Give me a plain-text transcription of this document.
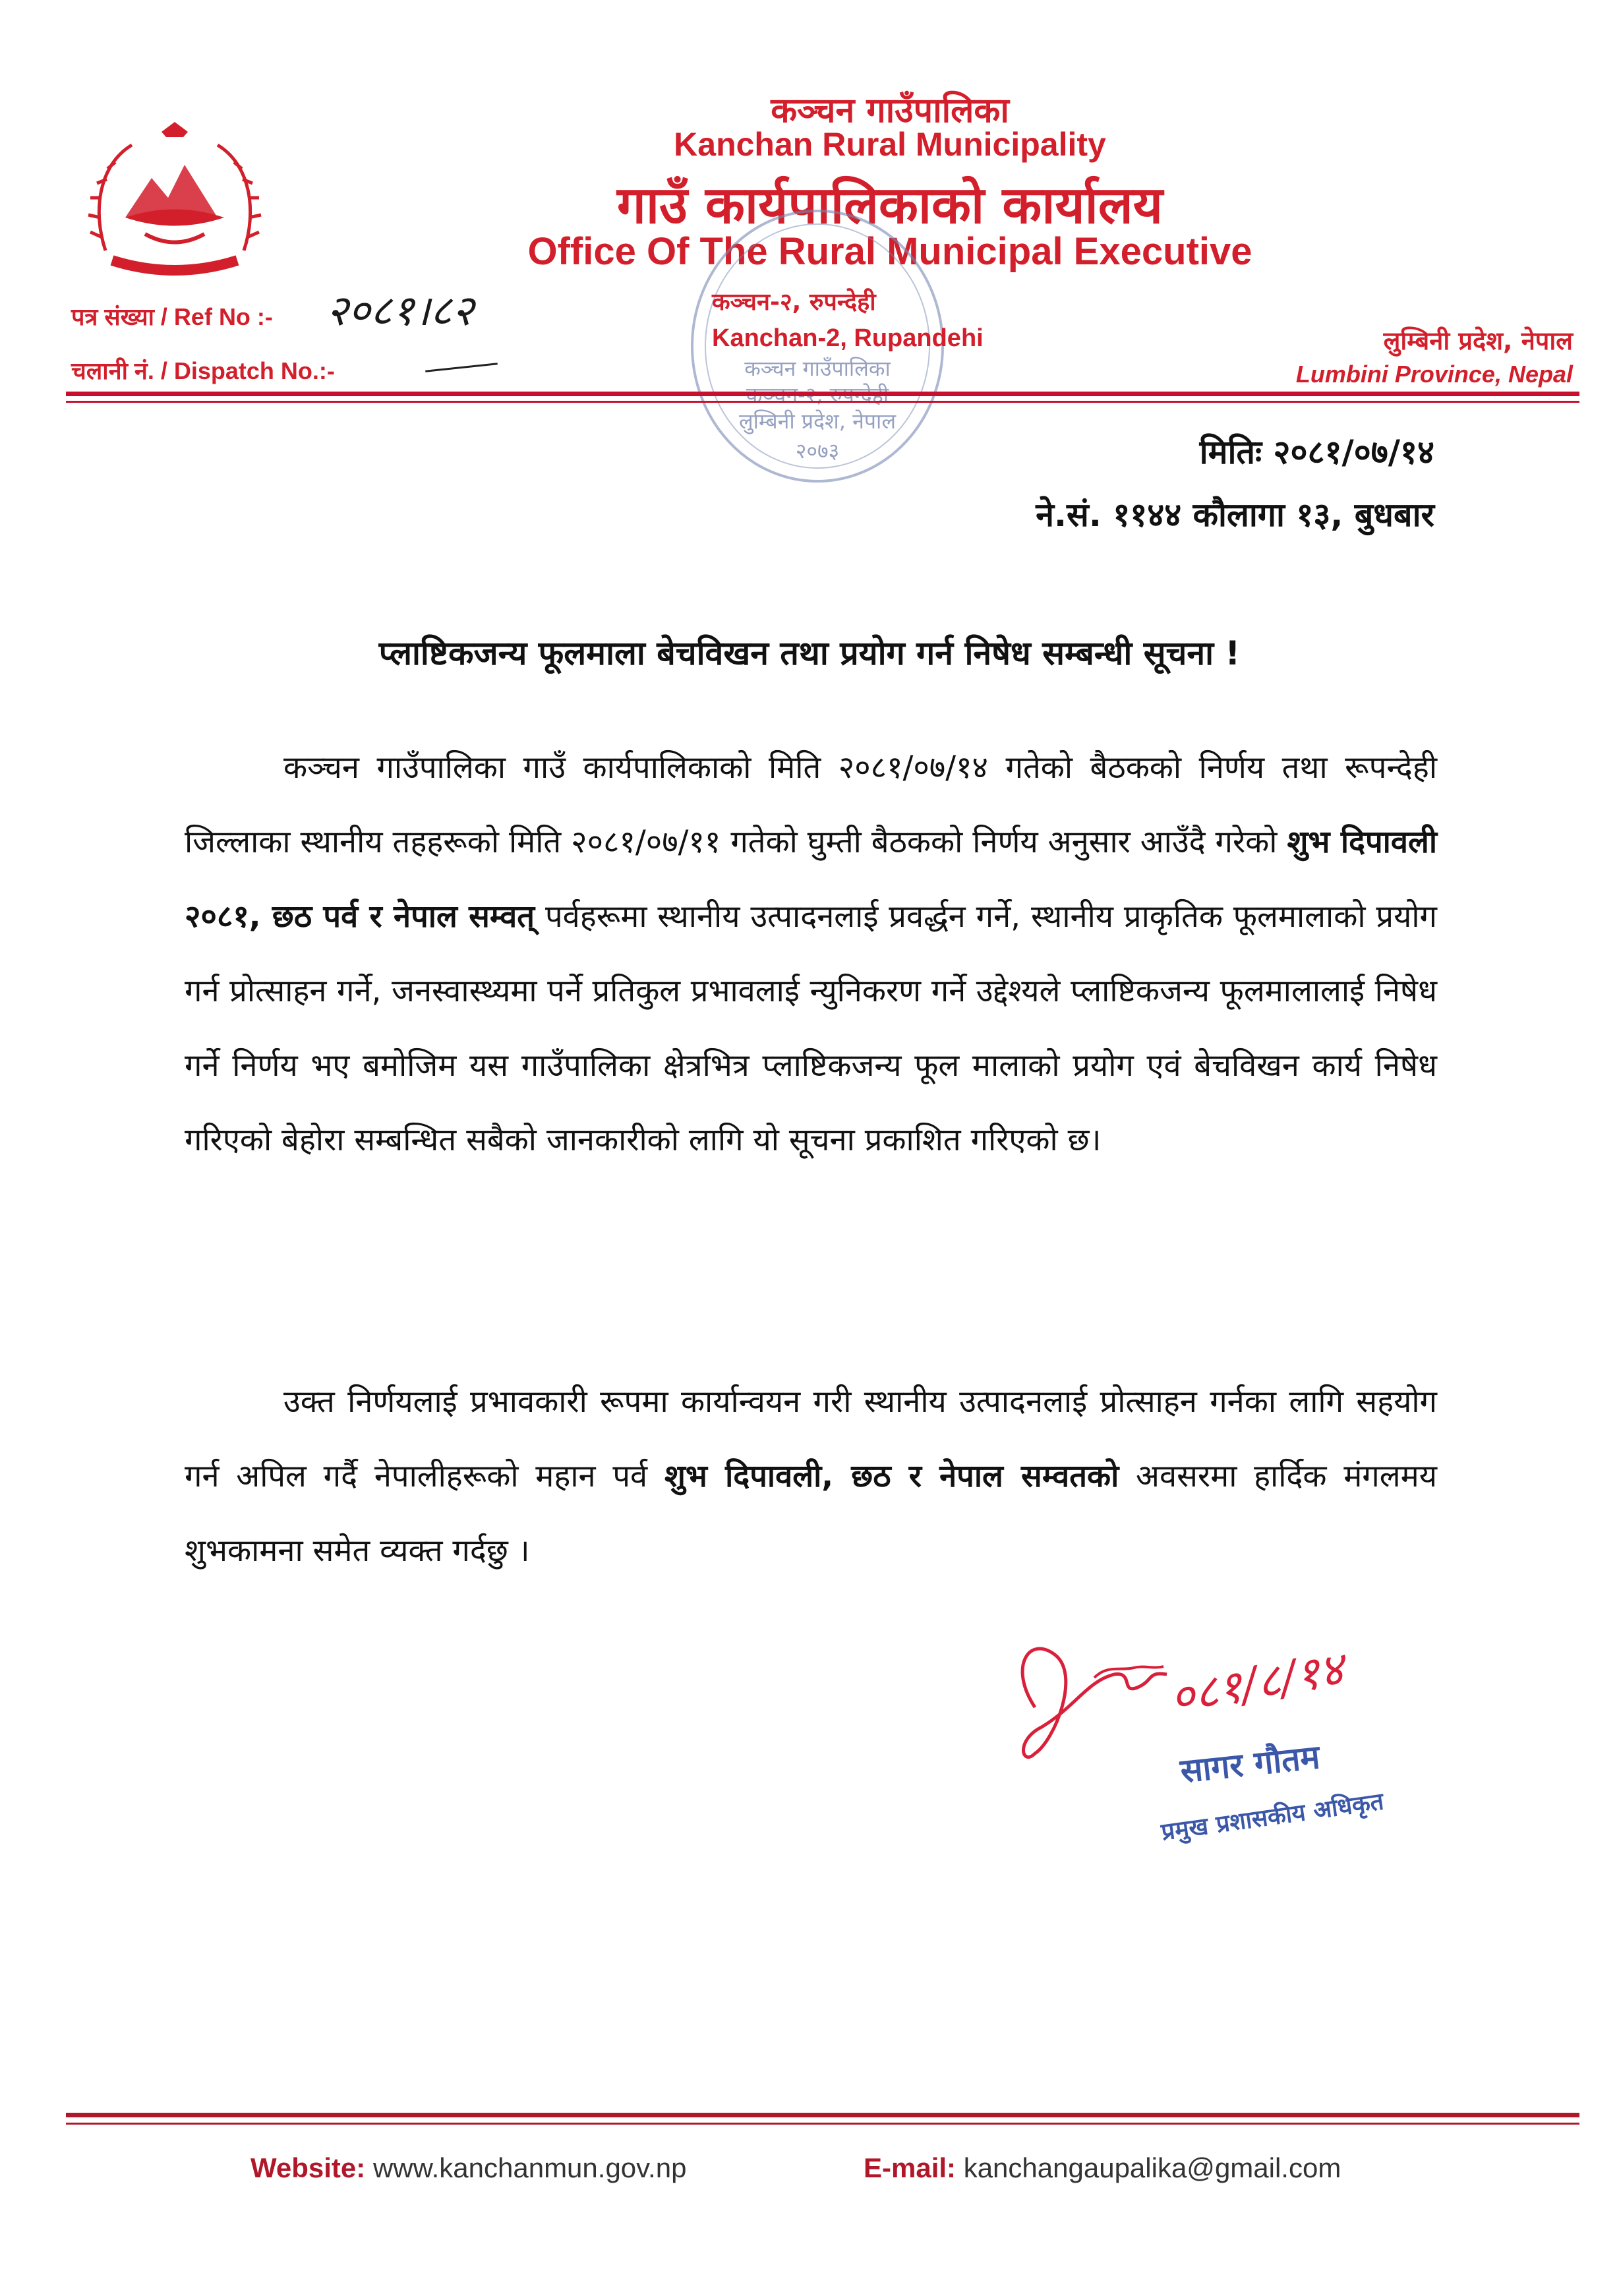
कञ्चन गाउँपालिका
Kanchan Rural Municipality
गाउँ कार्यपालिकाको कार्यालय
Office Of The Rural Municipal Executive
कञ्चन गाउँपालिका
लुम्बिनी प्रदेश, नेपाल
२०७३
कञ्चन-२, रुपन्देही
Kanchan-2, Rupandehi
पत्र संख्या / Ref No :- २०८१।८२
चलानी नं. / Dispatch No.:-
लुम्बिनी प्रदेश, नेपाल
Lumbini Province, Nepal
मितिः २०८१/०७/१४
ने.सं. ११४४ कौलागा १३, बुधबार
प्लाष्टिकजन्य फूलमाला बेचविखन तथा प्रयोग गर्न निषेध सम्बन्धी सूचना !
कञ्चन गाउँपालिका गाउँ कार्यपालिकाको मिति २०८१/०७/१४ गतेको बैठकको निर्णय तथा रूपन्देही जिल्लाका स्थानीय तहहरूको मिति २०८१/०७/११ गतेको घुम्ती बैठकको निर्णय अनुसार आउँदै गरेको शुभ दिपावली २०८१, छठ पर्व र नेपाल सम्वत् पर्वहरूमा स्थानीय उत्पादनलाई प्रवर्द्धन गर्ने, स्थानीय प्राकृतिक फूलमालाको प्रयोग गर्न प्रोत्साहन गर्ने, जनस्वास्थ्यमा पर्ने प्रतिकुल प्रभावलाई न्युनिकरण गर्ने उद्देश्यले प्लाष्टिकजन्य फूलमालालाई निषेध गर्ने निर्णय भए बमोजिम यस गाउँपालिका क्षेत्रभित्र प्लाष्टिकजन्य फूल मालाको प्रयोग एवं बेचविखन कार्य निषेध गरिएको बेहोरा सम्बन्धित सबैको जानकारीको लागि यो सूचना प्रकाशित गरिएको छ।
उक्त निर्णयलाई प्रभावकारी रूपमा कार्यान्वयन गरी स्थानीय उत्पादनलाई प्रोत्साहन गर्नका लागि सहयोग गर्न अपिल गर्दै नेपालीहरूको महान पर्व शुभ दिपावली, छठ र नेपाल सम्वतको अवसरमा हार्दिक मंगलमय शुभकामना समेत व्यक्त गर्दछु ।
०८१/८/१४
सागर गौतम
प्रमुख प्रशासकीय अधिकृत
Website: www.kanchanmun.gov.np	E-mail: kanchangaupalika@gmail.com
